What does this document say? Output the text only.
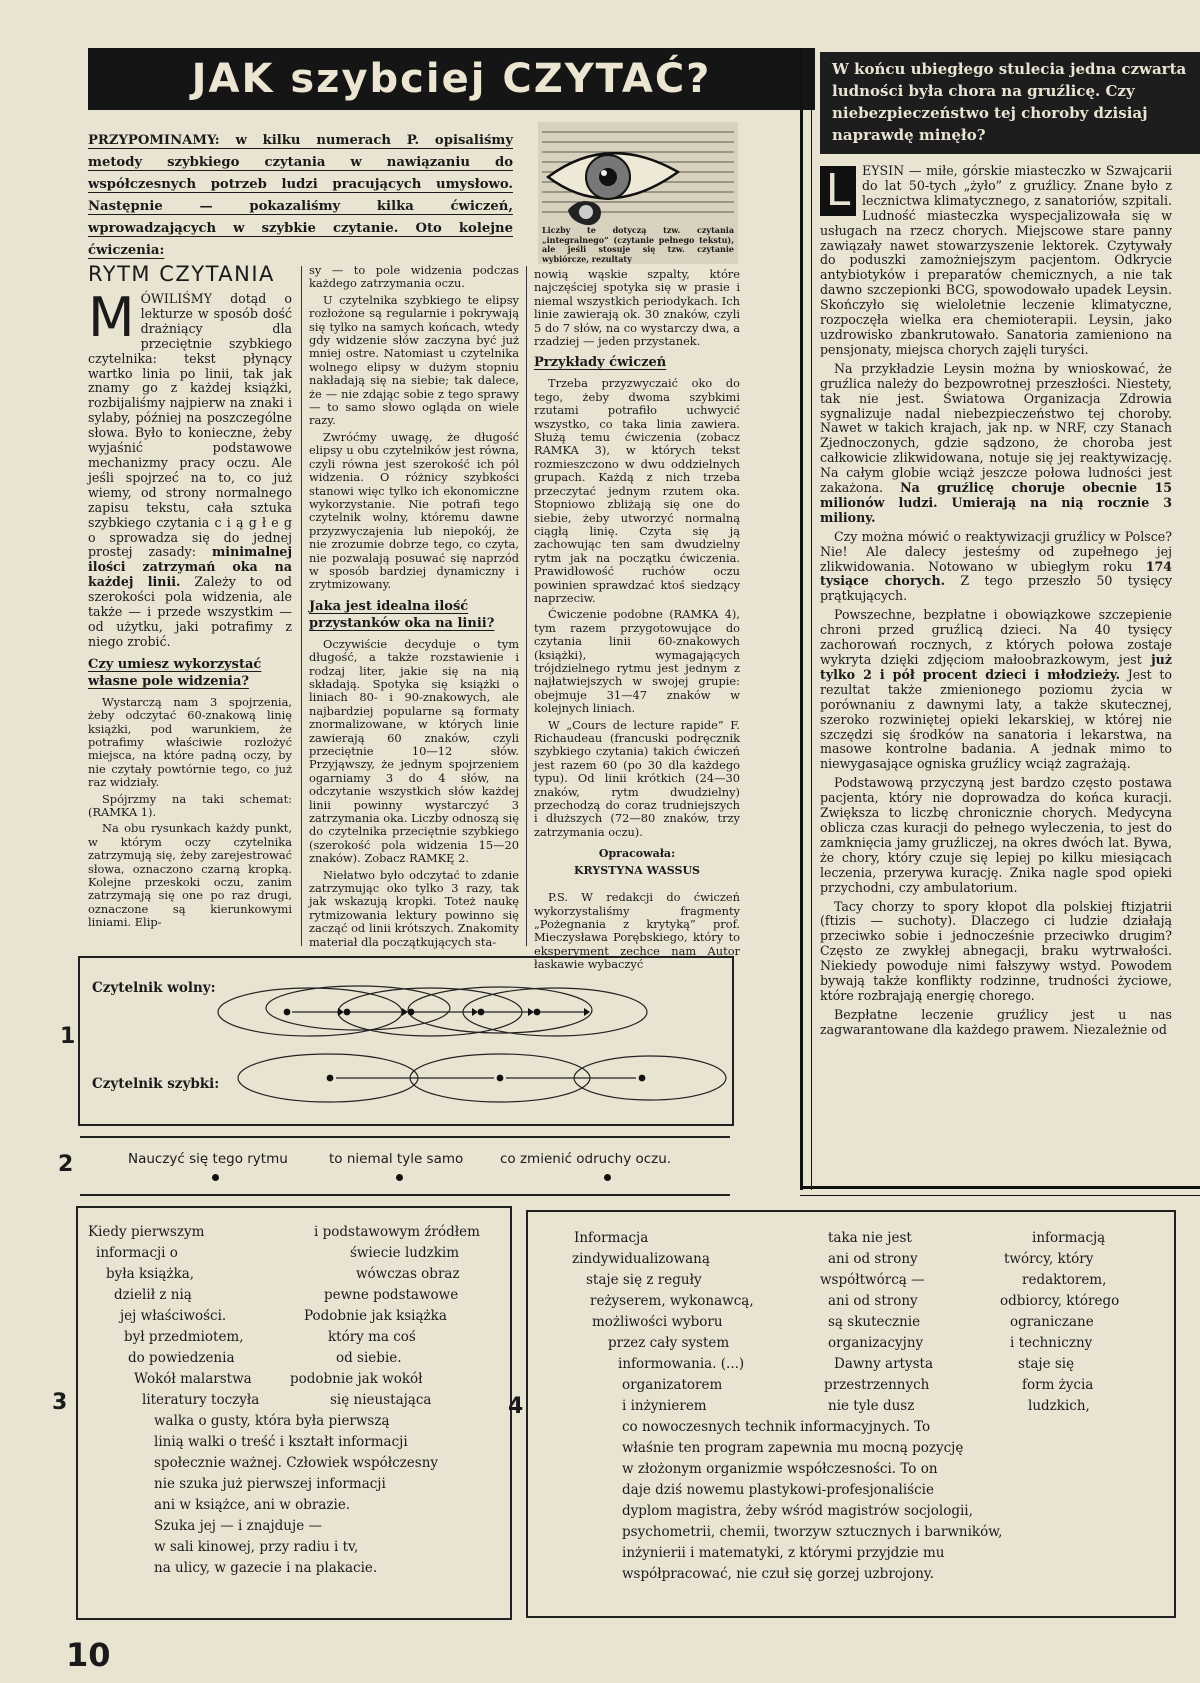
JAK szybciej CZYTAĆ?

PRZYPOMINAMY: w kilku numerach P. opisaliśmy metody szybkiego czytania w nawiązaniu do współczesnych potrzeb ludzi pracujących umysłowo. Następnie — pokazaliśmy kilka ćwiczeń, wprowadzających w szybkie czytanie. Oto kolejne ćwiczenia:

Liczby te dotyczą tzw. czytania „integralnego” (czytanie pełnego tekstu), ale jeśli stosuje się tzw. czytanie wybiórcze, rezultaty
RYTM CZYTANIA

M ÓWILIŚMY dotąd o lekturze w sposób dość drażniący dla przeciętnie szybkiego czytelnika: tekst płynący wartko linia po linii, tak jak znamy go z każdej książki, rozbijaliśmy najpierw na znaki i sylaby, później na poszczególne słowa. Było to konieczne, żeby wyjaśnić podstawowe mechanizmy pracy oczu. Ale jeśli spojrzeć na to, co już wiemy, od strony normalnego zapisu tekstu, cała sztuka szybkiego czytania c i ą g ł e g o sprowadza się do jednej prostej zasady: minimalnej ilości zatrzymań oka na każdej linii. Zależy to od szerokości pola widzenia, ale także — i przede wszystkim — od użytku, jaki potrafimy z niego zrobić.

Czy umiesz wykorzystać własne pole widzenia?

Wystarczą nam 3 spojrzenia, żeby odczytać 60-znakową linię książki, pod warunkiem, że potrafimy właściwie rozłożyć miejsca, na które padną oczy, by nie czytały powtórnie tego, co już raz widziały.

Spójrzmy na taki schemat: (RAMKA 1).

Na obu rysunkach każdy punkt, w którym oczy czytelnika zatrzymują się, żeby zarejestrować słowa, oznaczono czarną kropką. Kolejne przeskoki oczu, zanim zatrzymają się one po raz drugi, oznaczone są kierunkowymi liniami. Elip-

sy — to pole widzenia podczas każdego zatrzymania oczu.

U czytelnika szybkiego te elipsy rozłożone są regularnie i pokrywają się tylko na samych końcach, wtedy gdy widzenie słów zaczyna być już mniej ostre. Natomiast u czytelnika wolnego elipsy w dużym stopniu nakładają się na siebie; tak dalece, że — nie zdając sobie z tego sprawy — to samo słowo ogląda on wiele razy.

Zwróćmy uwagę, że długość elipsy u obu czytelników jest równa, czyli równa jest szerokość ich pól widzenia. O różnicy szybkości stanowi więc tylko ich ekonomiczne wykorzystanie. Nie potrafi tego czytelnik wolny, któremu dawne przyzwyczajenia lub niepokój, że nie zrozumie dobrze tego, co czyta, nie pozwalają posuwać się naprzód w sposób bardziej dynamiczny i zrytmizowany.

Jaka jest idealna ilość przystanków oka na linii?

Oczywiście decyduje o tym długość, a także rozstawienie i rodzaj liter, jakie się na nią składają. Spotyka się książki o liniach 80- i 90-znakowych, ale najbardziej popularne są formaty znormalizowane, w których linie zawierają 60 znaków, czyli przeciętnie 10—12 słów. Przyjąwszy, że jednym spojrzeniem ogarniamy 3 do 4 słów, na odczytanie wszystkich słów każdej linii powinny wystarczyć 3 zatrzymania oka. Liczby odnoszą się do czytelnika przeciętnie szybkiego (szerokość pola widzenia 15—20 znaków). Zobacz RAMKĘ 2.

Niełatwo było odczytać to zdanie zatrzymując oko tylko 3 razy, tak jak wskazują kropki. Toteż naukę rytmizowania lektury powinno się zacząć od linii krótszych. Znakomity materiał dla początkujących sta-

nowią wąskie szpalty, które najczęściej spotyka się w prasie i niemal wszystkich periodykach. Ich linie zawierają ok. 30 znaków, czyli 5 do 7 słów, na co wystarczy dwa, a rzadziej — jeden przystanek.

Przykłady ćwiczeń

Trzeba przyzwyczaić oko do tego, żeby dwoma szybkimi rzutami potrafiło uchwycić wszystko, co taka linia zawiera. Służą temu ćwiczenia (zobacz RAMKA 3), w których tekst rozmieszczono w dwu oddzielnych grupach. Każdą z nich trzeba przeczytać jednym rzutem oka. Stopniowo zbliżają się one do siebie, żeby utworzyć normalną ciągłą linię. Czyta się ją zachowując ten sam dwudzielny rytm jak na początku ćwiczenia. Prawidłowość ruchów oczu powinien sprawdzać ktoś siedzący naprzeciw.

Ćwiczenie podobne (RAMKA 4), tym razem przygotowujące do czytania linii 60-znakowych (książki), wymagających trójdzielnego rytmu jest jednym z najłatwiejszych w swojej grupie: obejmuje 31—47 znaków w kolejnych liniach.

W „Cours de lecture rapide” F. Richaudeau (francuski podręcznik szybkiego czytania) takich ćwiczeń jest razem 60 (po 30 dla każdego typu). Od linii krótkich (24—30 znaków, rytm dwudzielny) przechodzą do coraz trudniejszych i dłuższych (72—80 znaków, trzy zatrzymania oczu).

Opracowała:
KRYSTYNA WASSUS

P.S. W redakcji do ćwiczeń wykorzystaliśmy fragmenty „Pożegnania z krytyką” prof. Mieczysława Porębskiego, który to eksperyment zechce nam Autor łaskawie wybaczyć

1
Czytelnik wolny:
Czytelnik szybki:
2	Nauczyć się tego rytmu	to niemal tyle samo	co zmienić odruchy oczu.
W końcu ubiegłego stulecia jedna czwarta ludności była chora na gruźlicę. Czy niebezpieczeństwo tej choroby dzisiaj naprawdę minęło?

L EYSIN — miłe, górskie miasteczko w Szwajcarii do lat 50-tych „żyło” z gruźlicy. Znane było z lecznictwa klimatycznego, z sanatoriów, szpitali. Ludność miasteczka wyspecjalizowała się w usługach na rzecz chorych. Miejscowe stare panny zawiązały nawet stowarzyszenie lektorek. Czytywały do poduszki zamożniejszym pacjentom. Odkrycie antybiotyków i preparatów chemicznych, a nie tak dawno szczepionki BCG, spowodowało upadek Leysin. Skończyło się wieloletnie leczenie klimatyczne, rozpoczęła wielka era chemioterapii. Leysin, jako uzdrowisko zbankrutowało. Sanatoria zamieniono na pensjonaty, miejsca chorych zajęli turyści.

Na przykładzie Leysin można by wnioskować, że gruźlica należy do bezpowrotnej przeszłości. Niestety, tak nie jest. Światowa Organizacja Zdrowia sygnalizuje nadal niebezpieczeństwo tej choroby. Nawet w takich krajach, jak np. w NRF, czy Stanach Zjednoczonych, gdzie sądzono, że choroba jest całkowicie zlikwidowana, notuje się jej reaktywizację. Na całym globie wciąż jeszcze połowa ludności jest zakażona. Na gruźlicę choruje obecnie 15 milionów ludzi. Umierają na nią rocznie 3 miliony.

Czy można mówić o reaktywizacji gruźlicy w Polsce? Nie! Ale dalecy jesteśmy od zupełnego jej zlikwidowania. Notowano w ubiegłym roku 174 tysiące chorych. Z tego przeszło 50 tysięcy prątkujących.

Powszechne, bezpłatne i obowiązkowe szczepienie chroni przed gruźlicą dzieci. Na 40 tysięcy zachorowań rocznych, z których połowa zostaje wykryta dzięki zdjęciom małoobrazkowym, jest już tylko 2 i pół procent dzieci i młodzieży. Jest to rezultat także zmienionego poziomu życia w porównaniu z dawnymi laty, a także skutecznej, szeroko rozwiniętej opieki lekarskiej, w której nie szczędzi się środków na sanatoria i lekarstwa, na masowe kontrolne badania. A jednak mimo to niewygasające ogniska gruźlicy wciąż zagrażają.

Podstawową przyczyną jest bardzo często postawa pacjenta, który nie doprowadza do końca kuracji. Zwiększa to liczbę chronicznie chorych. Medycyna oblicza czas kuracji do pełnego wyleczenia, to jest do zamknięcia jamy gruźliczej, na okres dwóch lat. Bywa, że chory, który czuje się lepiej po kilku miesiącach leczenia, przerywa kurację. Znika nagle spod opieki przychodni, czy ambulatorium.

Tacy chorzy to spory kłopot dla polskiej ftizjatrii (ftizis — suchoty). Dlaczego ci ludzie działają przeciwko sobie i jednocześnie przeciwko drugim? Często ze zwykłej abnegacji, braku wytrwałości. Niekiedy powoduje nimi fałszywy wstyd. Powodem bywają także konflikty rodzinne, trudności życiowe, które rozbrajają energię chorego.

Bezpłatne leczenie gruźlicy jest u nas zagwarantowane dla każdego prawem. Niezależnie od

3
Kiedy pierwszym	i podstawowym źródłem
informacji o	świecie ludzkim
była książka,	wówczas obraz
dzielił z nią	pewne podstawowe
jej właściwości.	Podobnie jak książka
był przedmiotem,	który ma coś
do powiedzenia	od siebie.
Wokół malarstwa	podobnie jak wokół
literatury toczyła	się nieustająca
walka o gusty, która była pierwszą
linią walki o treść i kształt informacji
społecznie ważnej. Człowiek współczesny
nie szuka już pierwszej informacji
ani w książce, ani w obrazie.
Szuka jej — i znajduje —
w sali kinowej, przy radiu i tv,
na ulicy, w gazecie i na plakacie.
4
Informacja	taka nie jest	informacją
zindywidualizowaną	ani od strony	twórcy, który
staje się z reguły	współtwórcą —	redaktorem,
reżyserem, wykonawcą,	ani od strony	odbiorcy, którego
możliwości wyboru	są skutecznie	ograniczane
przez cały system	organizacyjny	i techniczny
informowania. (...)	Dawny artysta	staje się
organizatorem	przestrzennych	form życia
i inżynierem	nie tyle dusz	ludzkich,
co nowoczesnych technik informacyjnych. To
właśnie ten program zapewnia mu mocną pozycję
w złożonym organizmie współczesności. To on
daje dziś nowemu plastykowi-profesjonaliście
dyplom magistra, żeby wśród magistrów socjologii,
psychometrii, chemii, tworzyw sztucznych i barwników,
inżynierii i matematyki, z którymi przyjdzie mu
współpracować, nie czuł się gorzej uzbrojony.
10
